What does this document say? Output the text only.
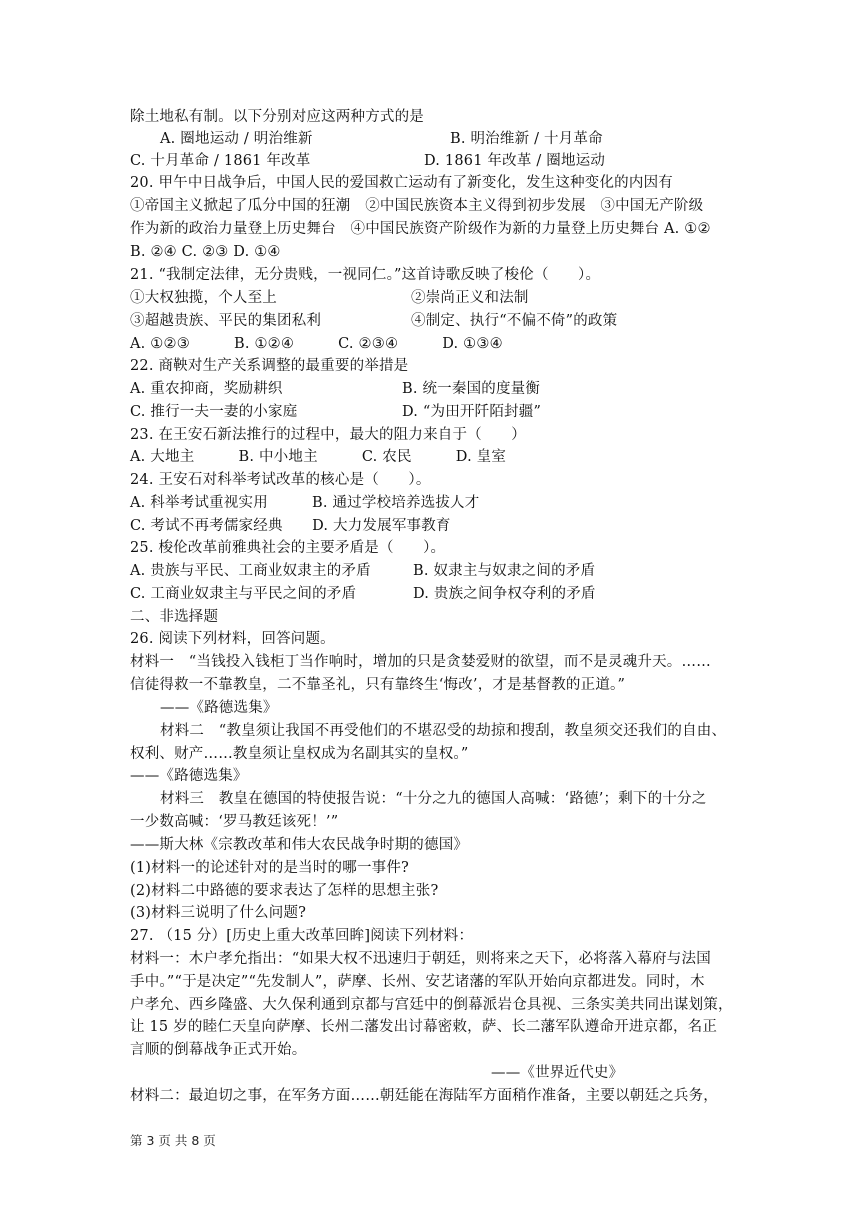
除土地私有制。以下分别对应这两种方式的是
A. 圈地运动 / 明治维新	B. 明治维新 / 十月革命
C. 十月革命 / 1861 年改革	D. 1861 年改革 / 圈地运动
20. 甲午中日战争后，中国人民的爱国救亡运动有了新变化，发生这种变化的内因有
①帝国主义掀起了瓜分中国的狂潮　②中国民族资本主义得到初步发展　③中国无产阶级
作为新的政治力量登上历史舞台　④中国民族资产阶级作为新的力量登上历史舞台 A. ①②
B. ②④ C. ②③ D. ①④
21. “我制定法律，无分贵贱，一视同仁。”这首诗歌反映了梭伦（　　）。
①大权独揽，个人至上	②崇尚正义和法制
③超越贵族、平民的集团私利	④制定、执行“不偏不倚”的政策
A. ①②③　　　B. ①②④　　　C. ②③④　　　D. ①③④
22. 商鞅对生产关系调整的最重要的举措是
A. 重农抑商，奖励耕织	B. 统一秦国的度量衡
C. 推行一夫一妻的小家庭	D. “为田开阡陌封疆”
23. 在王安石新法推行的过程中，最大的阻力来自于（　　）
A. 大地主　　　B. 中小地主　　　C. 农民　　　D. 皇室
24. 王安石对科举考试改革的核心是（　　）。
A. 科举考试重视实用　　　B. 通过学校培养选拔人才
C. 考试不再考儒家经典　　D. 大力发展军事教育
25. 梭伦改革前雅典社会的主要矛盾是（　　）。
A. 贵族与平民、工商业奴隶主的矛盾	B. 奴隶主与奴隶之间的矛盾
C. 工商业奴隶主与平民之间的矛盾	D. 贵族之间争权夺利的矛盾
二、非选择题
26. 阅读下列材料，回答问题。
材料一　“当钱投入钱柜丁当作响时，增加的只是贪婪爱财的欲望，而不是灵魂升天。……
信徒得救一不靠教皇，二不靠圣礼，只有靠终生‘悔改’，才是基督教的正道。”
——《路德选集》
材料二　“教皇须让我国不再受他们的不堪忍受的劫掠和搜刮，教皇须交还我们的自由、
权利、财产……教皇须让皇权成为名副其实的皇权。”
——《路德选集》
材料三　教皇在德国的特使报告说：“十分之九的德国人高喊：‘路德’；剩下的十分之
一少数高喊：‘罗马教廷该死！’”
——斯大林《宗教改革和伟大农民战争时期的德国》
(1)材料一的论述针对的是当时的哪一事件?
(2)材料二中路德的要求表达了怎样的思想主张?
(3)材料三说明了什么问题?
27. （15 分）[历史上重大改革回眸]阅读下列材料：
材料一：木户孝允指出：“如果大权不迅速归于朝廷，则将来之天下，必将落入幕府与法国
手中。”“于是决定”“先发制人”，萨摩、长州、安艺诸藩的军队开始向京都进发。同时，木
户孝允、西乡隆盛、大久保利通到京都与宫廷中的倒幕派岩仓具视、三条实美共同出谋划策，
让 15 岁的睦仁天皇向萨摩、长州二藩发出讨幕密敕，萨、长二藩军队遵命开进京都，名正
言顺的倒幕战争正式开始。
——《世界近代史》
材料二：最迫切之事，在军务方面……朝廷能在海陆军方面稍作准备，主要以朝廷之兵务，
第 3 页 共 8 页
